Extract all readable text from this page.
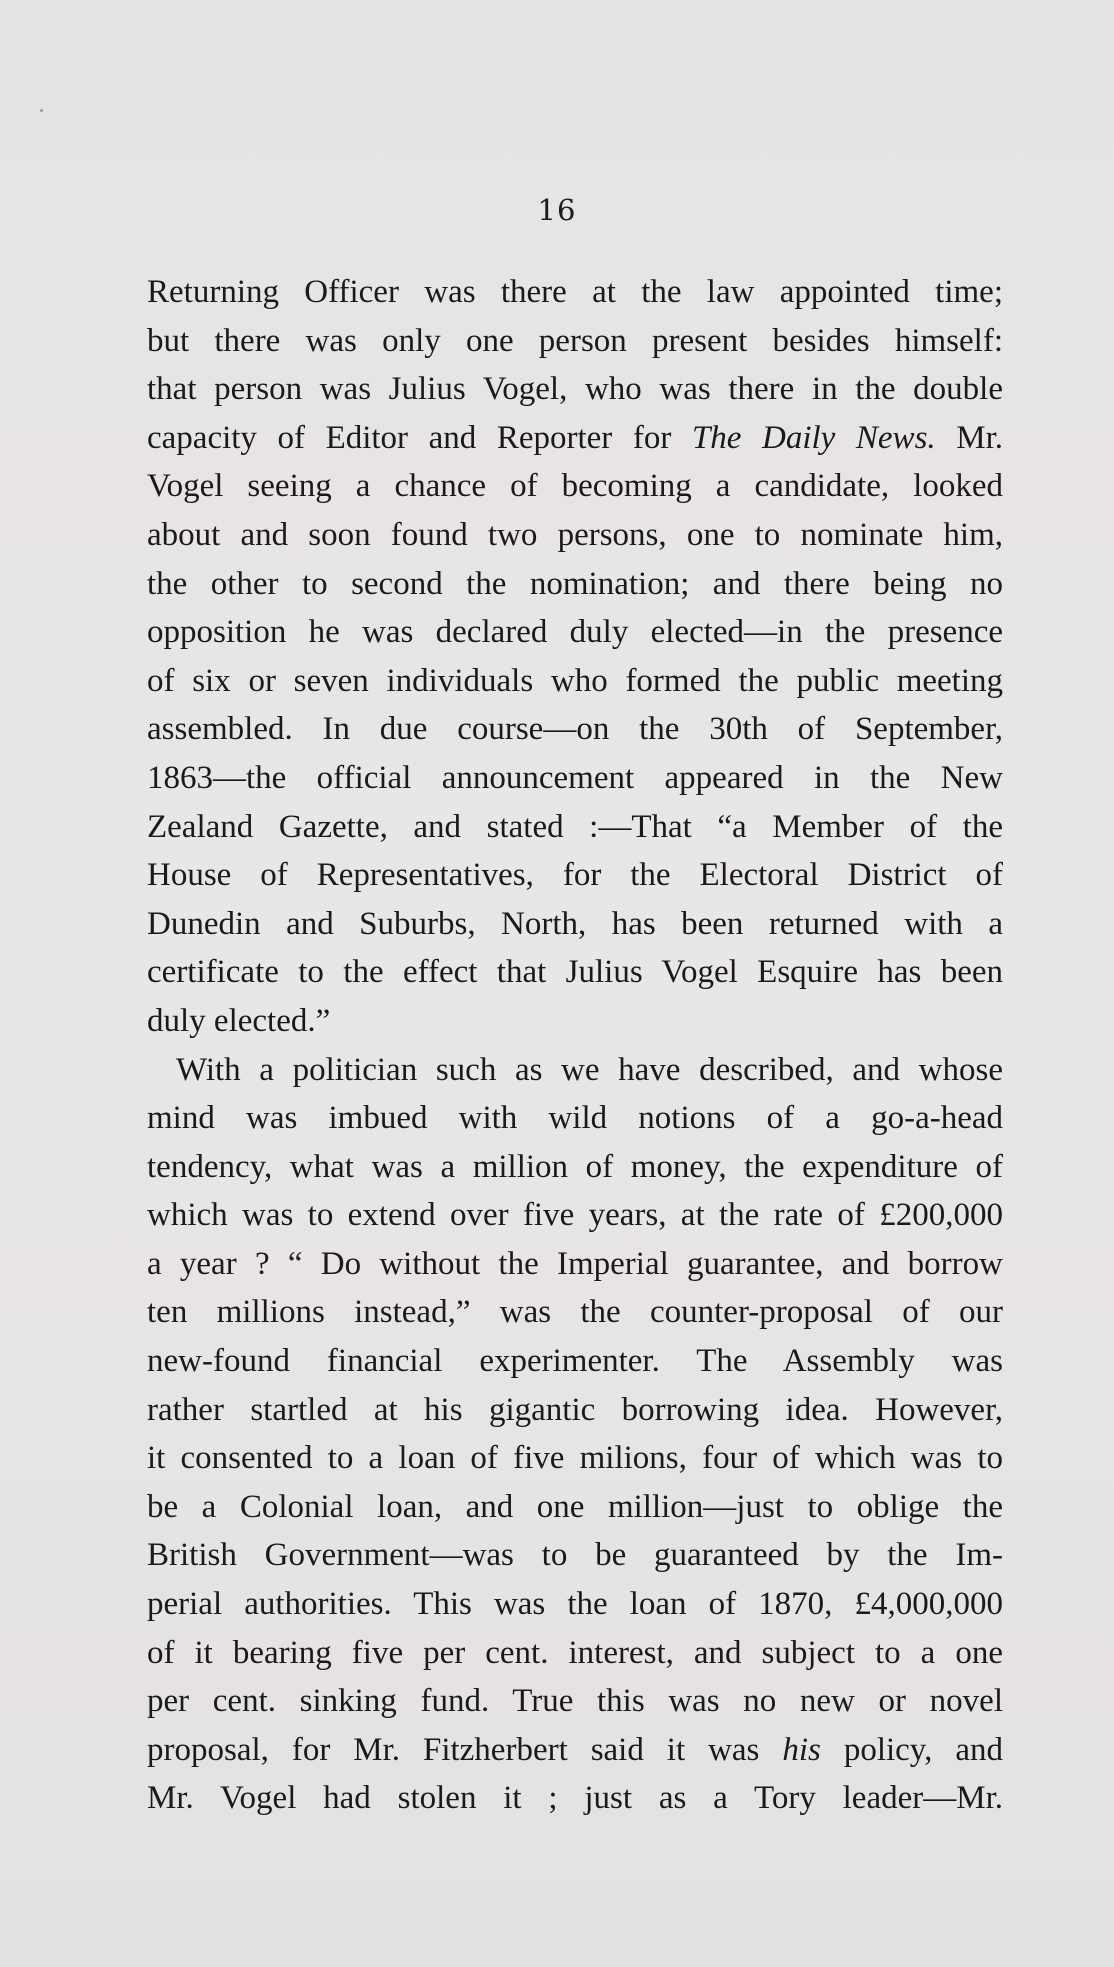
16
Returning Officer was there at the law appointed time;
but there was only one person present besides himself:
that person was Julius Vogel, who was there in the double
capacity of Editor and Reporter for The Daily News. Mr.
Vogel seeing a chance of becoming a candidate, looked
about and soon found two persons, one to nominate him,
the other to second the nomination; and there being no
opposition he was declared duly elected—in the presence
of six or seven individuals who formed the public meeting
assembled. In due course—on the 30th of September,
1863—the official announcement appeared in the New
Zealand Gazette, and stated :—That “a Member of the
House of Representatives, for the Electoral District of
Dunedin and Suburbs, North, has been returned with a
certificate to the effect that Julius Vogel Esquire has been
duly elected.”
With a politician such as we have described, and whose
mind was imbued with wild notions of a go-a-head
tendency, what was a million of money, the expenditure of
which was to extend over five years, at the rate of £200,000
a year ? “ Do without the Imperial guarantee, and borrow
ten millions instead,” was the counter-proposal of our
new-found financial experimenter. The Assembly was
rather startled at his gigantic borrowing idea. However,
it consented to a loan of five milions, four of which was to
be a Colonial loan, and one million—just to oblige the
British Government—was to be guaranteed by the Im-
perial authorities. This was the loan of 1870, £4,000,000
of it bearing five per cent. interest, and subject to a one
per cent. sinking fund. True this was no new or novel
proposal, for Mr. Fitzherbert said it was his policy, and
Mr. Vogel had stolen it ; just as a Tory leader—Mr.
